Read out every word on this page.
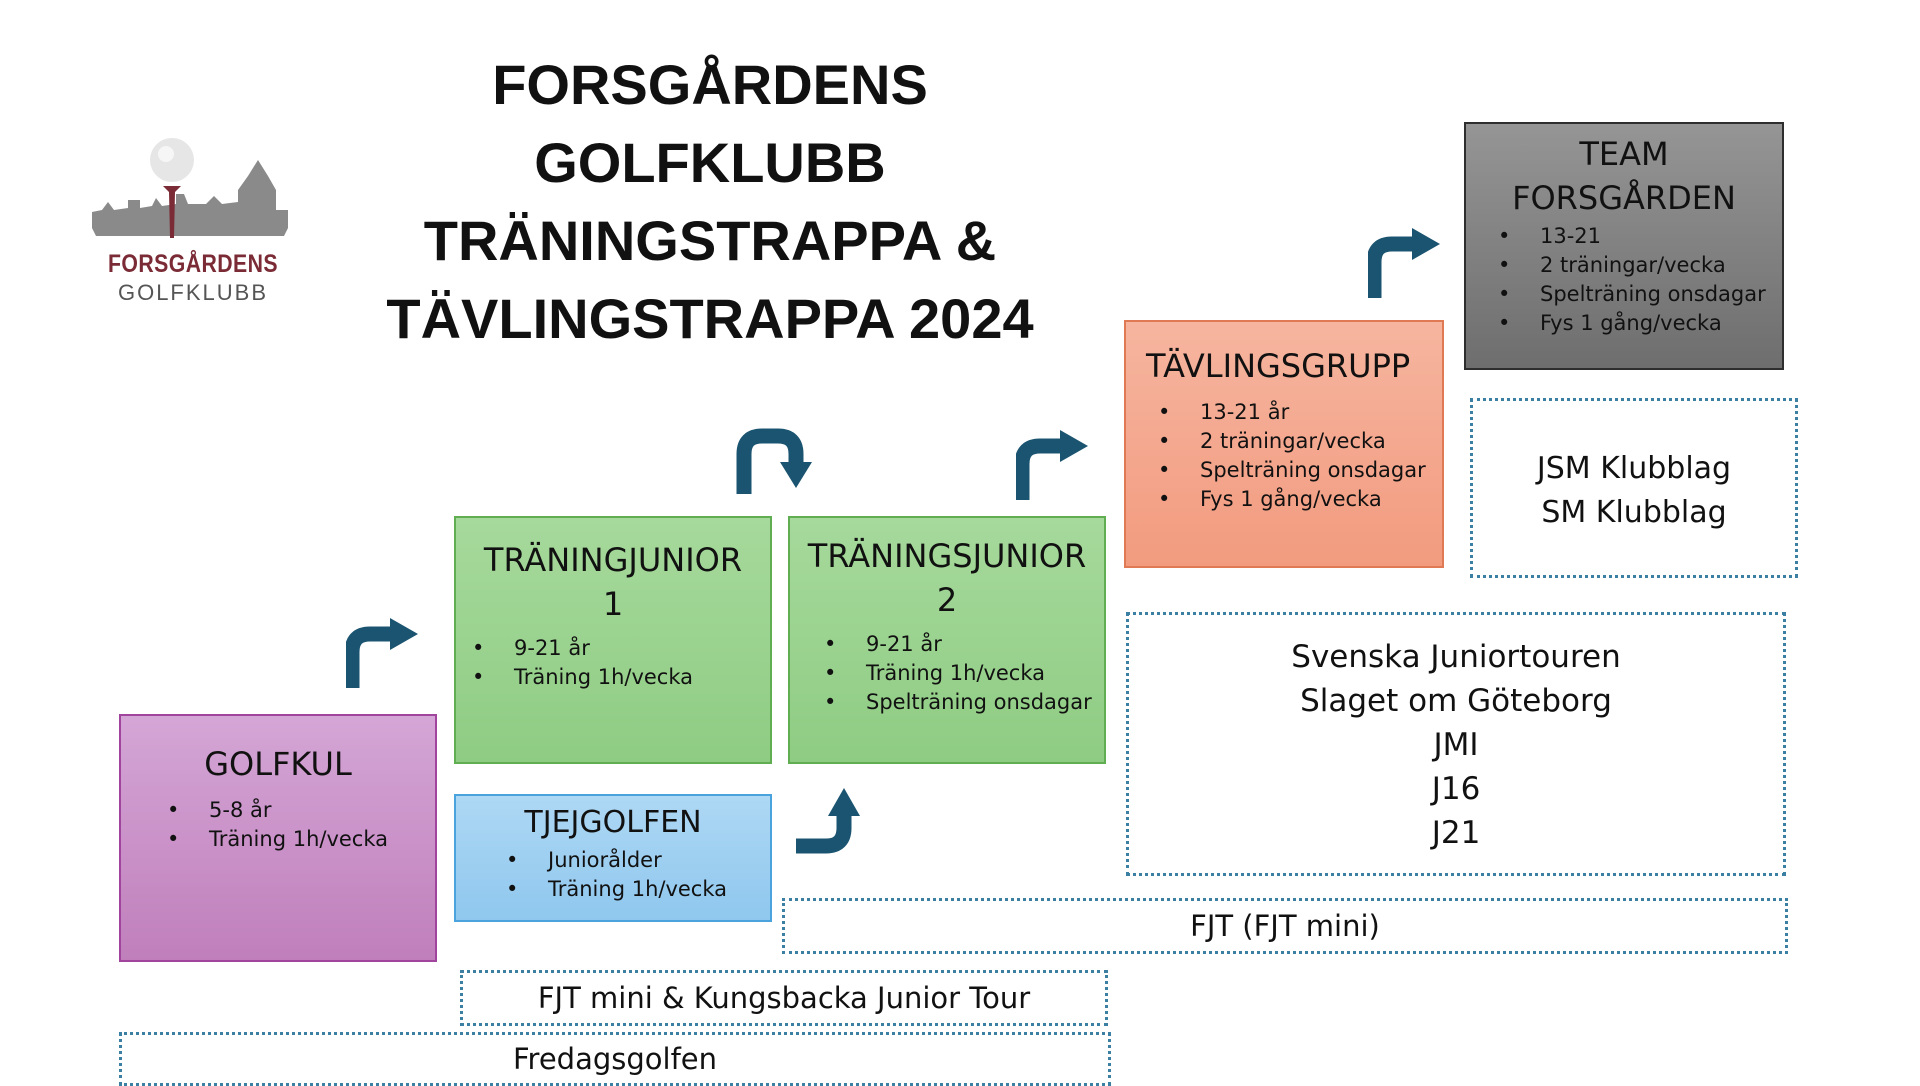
FORSGÅRDENS
GOLFKLUBB
TRÄNINGSTRAPPA &
TÄVLINGSTRAPPA 2024
FORSGÅRDENS
GOLFKLUBB
GOLFKUL
• 5-8 år
• Träning 1h/vecka
TRÄNINGJUNIOR
1
• 9-21 år
• Träning 1h/vecka
TRÄNINGSJUNIOR
2
• 9-21 år
• Träning 1h/vecka
• Spelträning onsdagar
TJEJGOLFEN
• Juniorålder
• Träning 1h/vecka
TÄVLINGSGRUPP
• 13-21 år
• 2 träningar/vecka
• Spelträning onsdagar
• Fys 1 gång/vecka
TEAM
FORSGÅRDEN
• 13-21
• 2 träningar/vecka
• Spelträning onsdagar
• Fys 1 gång/vecka
JSM Klubblag
SM Klubblag
Svenska Juniortouren
Slaget om Göteborg
JMI
J16
J21
FJT (FJT mini)
FJT mini & Kungsbacka Junior Tour
Fredagsgolfen
